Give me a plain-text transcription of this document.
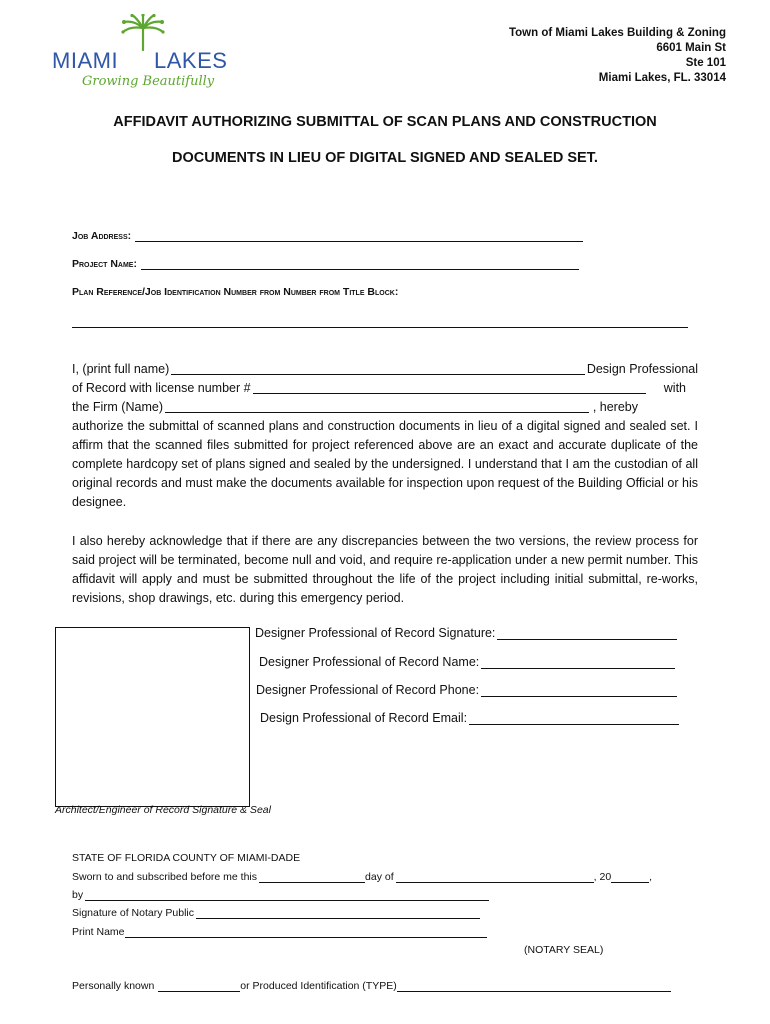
MIAMI LAKES
Growing Beautifully
Town of Miami Lakes Building & Zoning
6601 Main St
Ste 101
Miami Lakes, FL. 33014
AFFIDAVIT AUTHORIZING SUBMITTAL OF SCAN PLANS AND CONSTRUCTION
DOCUMENTS IN LIEU OF DIGITAL SIGNED AND SEALED SET.
Job Address:
Project Name:
Plan Reference/Job Identification Number from Number from Title Block:
I, (print full name)	Design Professional
of Record with license number #	with
the Firm (Name)	, hereby
authorize the submittal of scanned plans and construction documents in lieu of a digital signed and sealed set. I affirm that the scanned files submitted for project referenced above are an exact and accurate duplicate of the complete hardcopy set of plans signed and sealed by the undersigned. I understand that I am the custodian of all original records and must make the documents available for inspection upon request of the Building Official or his designee.
I also hereby acknowledge that if there are any discrepancies between the two versions, the review process for said project will be terminated, become null and void, and require re-application under a new permit number. This affidavit will apply and must be submitted throughout the life of the project including initial submittal, re-works, revisions, shop drawings, etc. during this emergency period.
Architect/Engineer of Record Signature & Seal
Designer Professional of Record Signature:
Designer Professional of Record Name:
Designer Professional of Record Phone:
Design Professional of Record Email:
STATE OF FLORIDA COUNTY OF MIAMI-DADE
Sworn to and subscribed before me this	day of	, 20	,
by
Signature of Notary Public
Print Name
(NOTARY SEAL)
Personally known	or Produced Identification (TYPE)
